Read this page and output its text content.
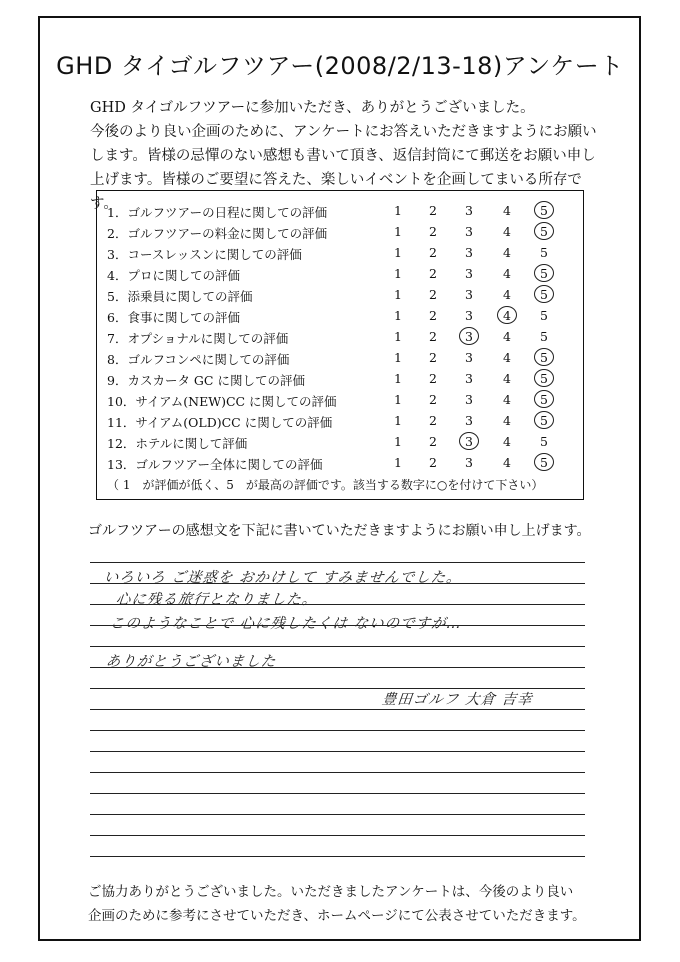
GHD タイゴルフツアー(2008/2/13-18)アンケート

GHD タイゴルフツアーに参加いただき、ありがとうございました。

今後のより良い企画のために、アンケートにお答えいただきますようにお願い

します。皆様の忌憚のない感想も書いて頂き、返信封筒にて郵送をお願い申し

上げます。皆様のご要望に答えた、楽しいイベントを企画してまいる所存です。

1．ゴルフツアーの日程に関しての評価	1	2	3	4	5
2．ゴルフツアーの料金に関しての評価	1	2	3	4	5
3．コースレッスンに関しての評価	1	2	3	4	5
4．プロに関しての評価	1	2	3	4	5
5．添乗員に関しての評価	1	2	3	4	5
6．食事に関しての評価	1	2	3	4	5
7．オプショナルに関しての評価	1	2	3	4	5
8．ゴルフコンペに関しての評価	1	2	3	4	5
9．カスカータ GC に関しての評価	1	2	3	4	5
10．サイアム(NEW)CC に関しての評価	1	2	3	4	5
11．サイアム(OLD)CC に関しての評価	1	2	3	4	5
12．ホテルに関して評価	1	2	3	4	5
13．ゴルフツアー全体に関しての評価	1	2	3	4	5
（ 1　が評価が低く、5　が最高の評価です。該当する数字に○を付けて下さい）
ゴルフツアーの感想文を下記に書いていただきますようにお願い申し上げます。
いろいろ ご迷惑を おかけして すみませんでした。
心に残る旅行となりました。
このようなことで 心に残したくは ないのですが…
ありがとうございました
豊田ゴルフ 大倉 吉幸

ご協力ありがとうございました。いただきましたアンケートは、今後のより良い

企画のために参考にさせていただき、ホームページにて公表させていただきます。
